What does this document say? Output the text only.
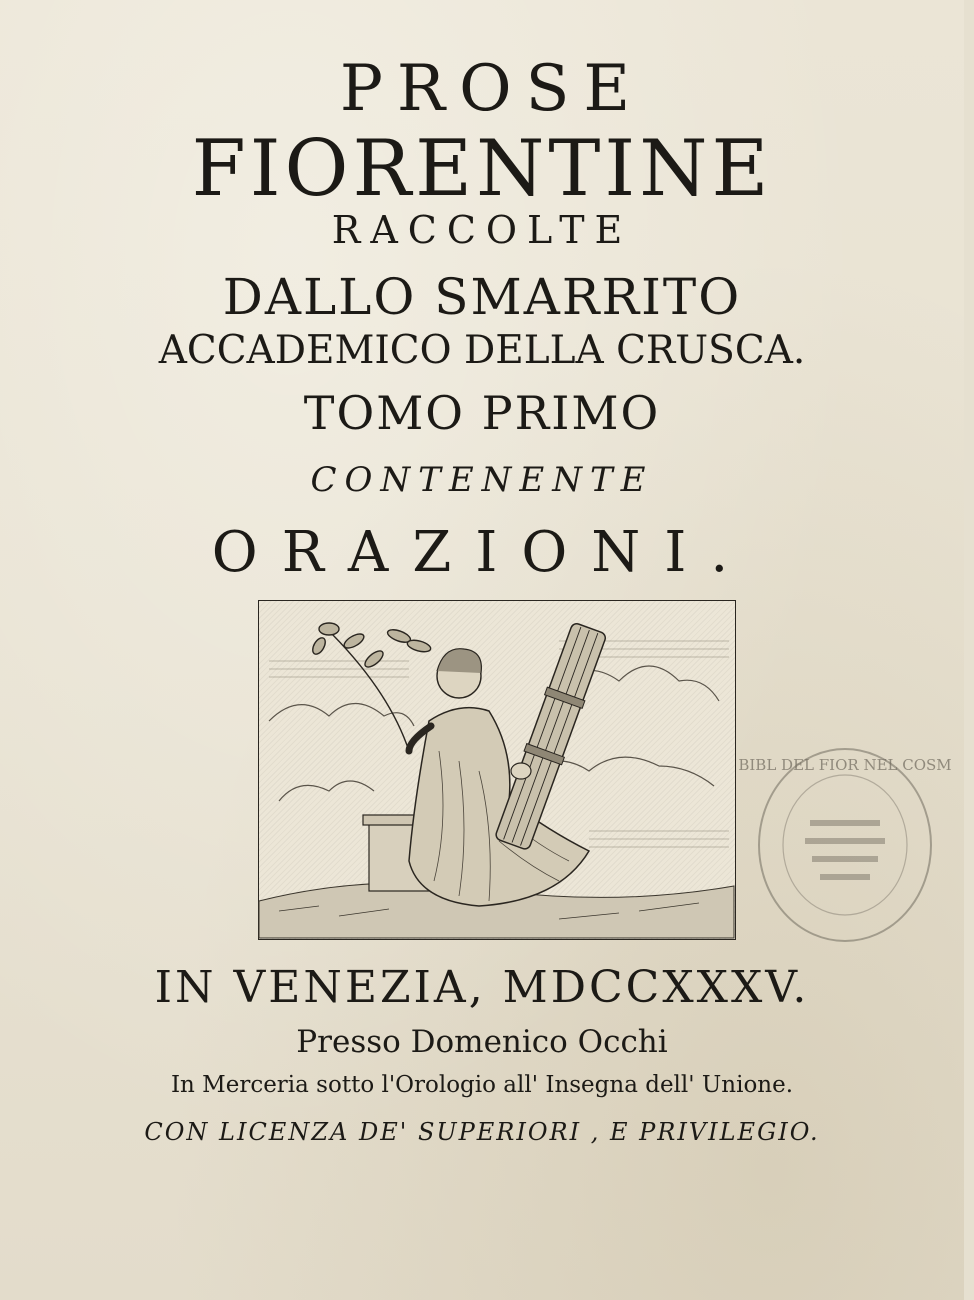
PROSE
FIORENTINE
RACCOLTE
DALLO SMARRITO
ACCADEMICO DELLA CRUSCA.
TOMO PRIMO
CONTENENTE
ORAZIONI.
BIBL DEL FIOR NEL COSM
IN VENEZIA, MDCCXXXV.
Presso Domenico Occhi
In Merceria sotto l'Orologio all' Insegna dell' Unione.
CON LICENZA DE' SUPERIORI , E PRIVILEGIO.
